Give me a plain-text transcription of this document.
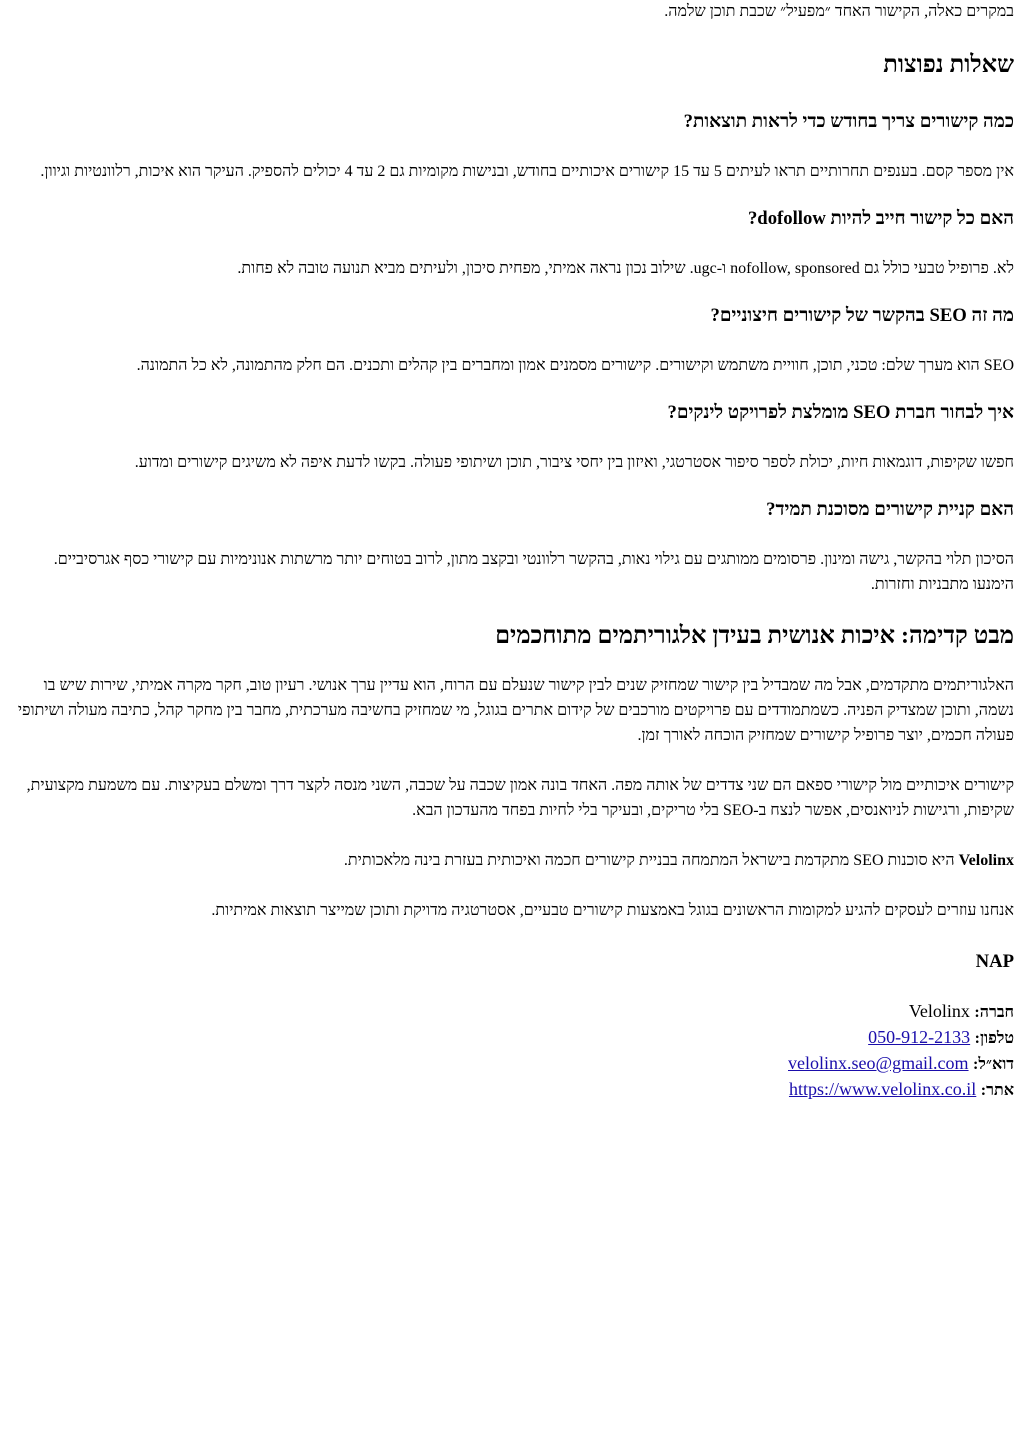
במקרים כאלה, הקישור האחד ״מפעיל״ שכבת תוכן שלמה.
שאלות נפוצות
כמה קישורים צריך בחודש כדי לראות תוצאות?

אין מספר קסם. בענפים תחרותיים תראו לעיתים 5 עד 15 קישורים איכותיים בחודש, ובנישות מקומיות גם 2 עד 4 יכולים להספיק. העיקר הוא איכות, רלוונטיות וגיוון.

האם כל קישור חייב להיות dofollow?

לא. פרופיל טבעי כולל גם nofollow, sponsored ו-ugc. שילוב נכון נראה אמיתי, מפחית סיכון, ולעיתים מביא תנועה טובה לא פחות.

מה זה SEO בהקשר של קישורים חיצוניים?

SEO הוא מערך שלם: טכני, תוכן, חוויית משתמש וקישורים. קישורים מסמנים אמון ומחברים בין קהלים ותכנים. הם חלק מהתמונה, לא כל התמונה.

איך לבחור חברת SEO מומלצת לפרויקט לינקים?

חפשו שקיפות, דוגמאות חיות, יכולת לספר סיפור אסטרטגי, ואיזון בין יחסי ציבור, תוכן ושיתופי פעולה. בקשו לדעת איפה לא משיגים קישורים ומדוע.

האם קניית קישורים מסוכנת תמיד?

הסיכון תלוי בהקשר, גישה ומינון. פרסומים ממותגים עם גילוי נאות, בהקשר רלוונטי ובקצב מתון, לרוב בטוחים יותר מרשתות אנונימיות עם קישורי כסף אגרסיביים. הימנעו מתבניות וחזרות.

מבט קדימה: איכות אנושית בעידן אלגוריתמים מתוחכמים

האלגוריתמים מתקדמים, אבל מה שמבדיל בין קישור שמחזיק שנים לבין קישור שנעלם עם הרוח, הוא עדיין ערך אנושי. רעיון טוב, חקר מקרה אמיתי, שירות שיש בו נשמה, ותוכן שמצדיק הפניה. כשמתמודדים עם פרויקטים מורכבים של קידום אתרים בגוגל, מי שמחזיק בחשיבה מערכתית, מחבר בין מחקר קהל, כתיבה מעולה ושיתופי פעולה חכמים, יוצר פרופיל קישורים שמחזיק הוכחה לאורך זמן.

קישורים איכותיים מול קישורי ספאם הם שני צדדים של אותה מפה. האחד בונה אמון שכבה על שכבה, השני מנסה לקצר דרך ומשלם בעקיצות. עם משמעת מקצועית, שקיפות, ורגישות לניואנסים, אפשר לנצח ב-SEO בלי טריקים, ובעיקר בלי לחיות בפחד מהעדכון הבא.

Velolinx היא סוכנות SEO מתקדמת בישראל המתמחה בבניית קישורים חכמה ואיכותית בעזרת בינה מלאכותית.

אנחנו עוזרים לעסקים להגיע למקומות הראשונים בגוגל באמצעות קישורים טבעיים, אסטרטגיה מדויקת ותוכן שמייצר תוצאות אמיתיות.

NAP
חברה: Velolinx
טלפון: 050-912-2133
דוא״ל: velolinx.seo@gmail.com
אתר: https://www.velolinx.co.il
